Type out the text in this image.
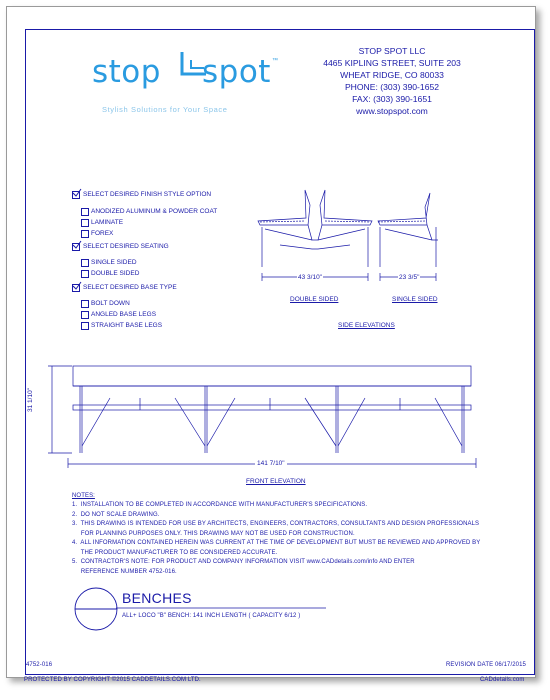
stop spot ™
Stylish Solutions for Your Space
STOP SPOT LLC
4465 KIPLING STREET, SUITE 203
WHEAT RIDGE, CO 80033
PHONE: (303) 390-1652
FAX: (303) 390-1651
www.stopspot.com
SELECT DESIRED FINISH STYLE OPTION
ANODIZED ALUMINUM & POWDER COAT
LAMINATE
FOREX
SELECT DESIRED SEATING
SINGLE SIDED
DOUBLE SIDED
SELECT DESIRED BASE TYPE
BOLT DOWN
ANGLED BASE LEGS
STRAIGHT BASE LEGS
43 3/10"	23 3/5"
DOUBLE SIDED	SINGLE SIDED
SIDE ELEVATIONS
31 1/10"
141 7/10"
FRONT ELEVATION
NOTES:
1.  INSTALLATION TO BE COMPLETED IN ACCORDANCE WITH MANUFACTURER'S SPECIFICATIONS.
2.  DO NOT SCALE DRAWING.
3.  THIS DRAWING IS INTENDED FOR USE BY ARCHITECTS, ENGINEERS, CONTRACTORS, CONSULTANTS AND DESIGN PROFESSIONALS
FOR PLANNING PURPOSES ONLY. THIS DRAWING MAY NOT BE USED FOR CONSTRUCTION.
4.  ALL INFORMATION CONTAINED HEREIN WAS CURRENT AT THE TIME OF DEVELOPMENT BUT MUST BE REVIEWED AND APPROVED BY
THE PRODUCT MANUFACTURER TO BE CONSIDERED ACCURATE.
5.  CONTRACTOR'S NOTE: FOR PRODUCT AND COMPANY INFORMATION VISIT www.CADdetails.com/info AND ENTER
REFERENCE NUMBER 4752-016.
BENCHES
ALL+ LOCO "B" BENCH: 141 INCH LENGTH ( CAPACITY 6/12 )
4752-016	REVISION DATE 06/17/2015
PROTECTED BY COPYRIGHT ©2015 CADDETAILS.COM LTD.	CADdetails.com
